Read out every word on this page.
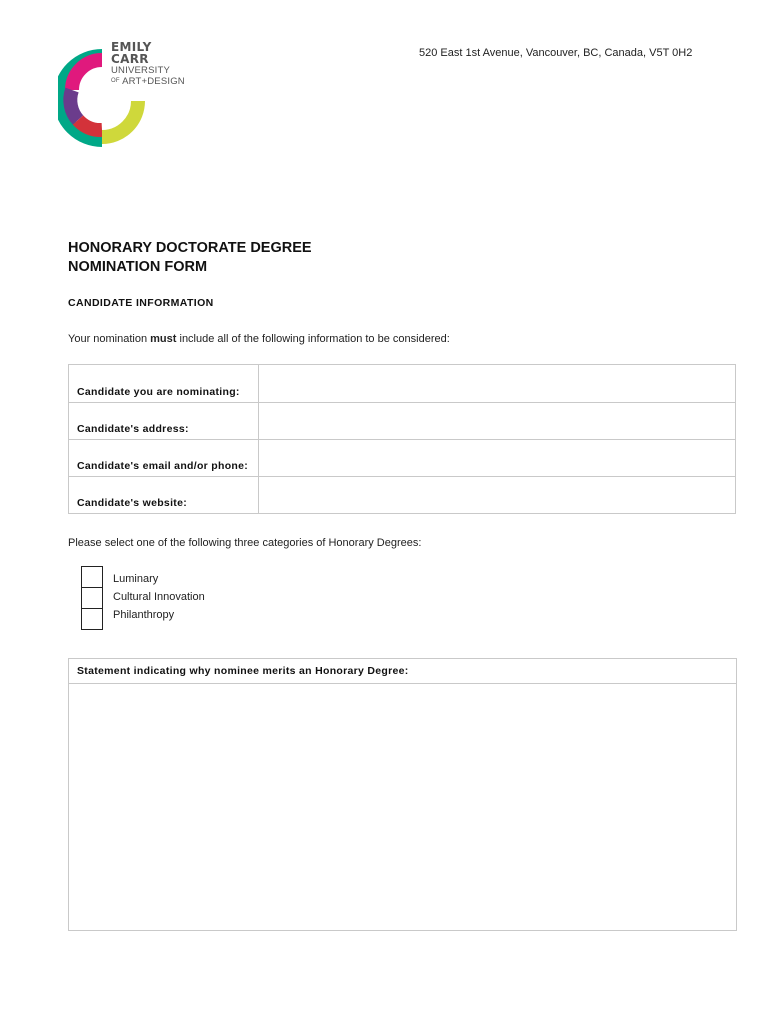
EMILY
CARR
UNIVERSITY
OF ART+DESIGN
520 East 1st Avenue, Vancouver, BC, Canada, V5T 0H2
HONORARY DOCTORATE DEGREE
NOMINATION FORM
CANDIDATE INFORMATION
Your nomination must include all of the following information to be considered:
Candidate you are nominating:
Candidate's address:
Candidate's email and/or phone:
Candidate's website:
Please select one of the following three categories of Honorary Degrees:
Luminary
Cultural Innovation
Philanthropy
Statement indicating why nominee merits an Honorary Degree:
